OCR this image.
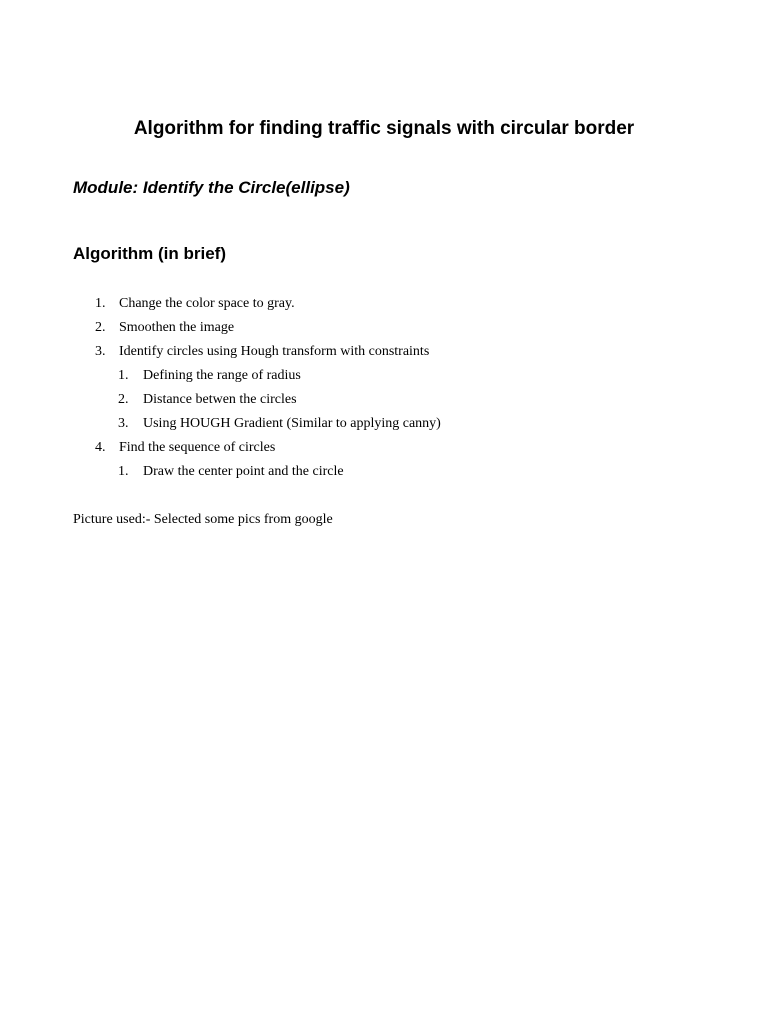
Algorithm for finding traffic signals with circular border
Module: Identify the Circle(ellipse)
Algorithm (in brief)
1. Change the color space to gray.
2. Smoothen the image
3. Identify circles using Hough transform with constraints
1.	Defining the range of radius
2.	Distance betwen the circles
3.	Using HOUGH Gradient (Similar to applying canny)
4. Find the sequence of circles
1.	Draw the center point and the circle

Picture used:- Selected some pics from google
